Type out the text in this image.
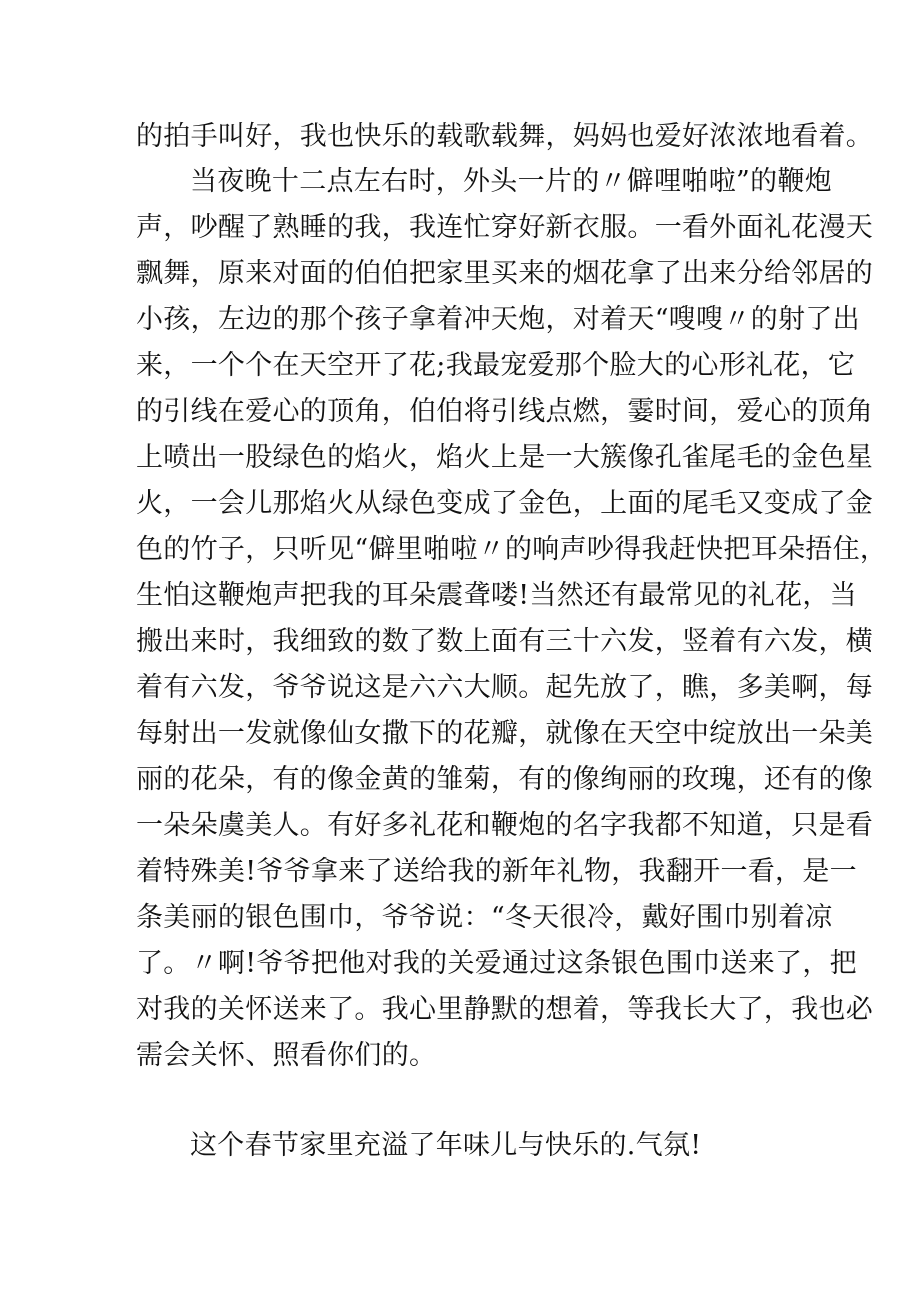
的拍手叫好，我也快乐的载歌载舞，妈妈也爱好浓浓地看着。
当夜晚十二点左右时，外头一片的〃僻哩啪啦”的鞭炮
声，吵醒了熟睡的我，我连忙穿好新衣服。一看外面礼花漫天
飘舞，原来对面的伯伯把家里买来的烟花拿了出来分给邻居的
小孩，左边的那个孩子拿着冲天炮，对着天“嗖嗖〃的射了出
来，一个个在天空开了花;我最宠爱那个脸大的心形礼花，它
的引线在爱心的顶角，伯伯将引线点燃，霎时间，爱心的顶角
上喷出一股绿色的焰火，焰火上是一大簇像孔雀尾毛的金色星
火，一会儿那焰火从绿色变成了金色，上面的尾毛又变成了金
色的竹子，只听见“僻里啪啦〃的响声吵得我赶快把耳朵捂住，
生怕这鞭炮声把我的耳朵震聋喽!当然还有最常见的礼花，当
搬出来时，我细致的数了数上面有三十六发，竖着有六发，横
着有六发，爷爷说这是六六大顺。起先放了，瞧，多美啊，每
每射出一发就像仙女撒下的花瓣，就像在天空中绽放出一朵美
丽的花朵，有的像金黄的雏菊，有的像绚丽的玫瑰，还有的像
一朵朵虞美人。有好多礼花和鞭炮的名字我都不知道，只是看
着特殊美!爷爷拿来了送给我的新年礼物，我翻开一看，是一
条美丽的银色围巾，爷爷说：“冬天很冷，戴好围巾别着凉
了。〃啊!爷爷把他对我的关爱通过这条银色围巾送来了，把
对我的关怀送来了。我心里静默的想着，等我长大了，我也必
需会关怀、照看你们的。
这个春节家里充溢了年味儿与快乐的.气氛!
